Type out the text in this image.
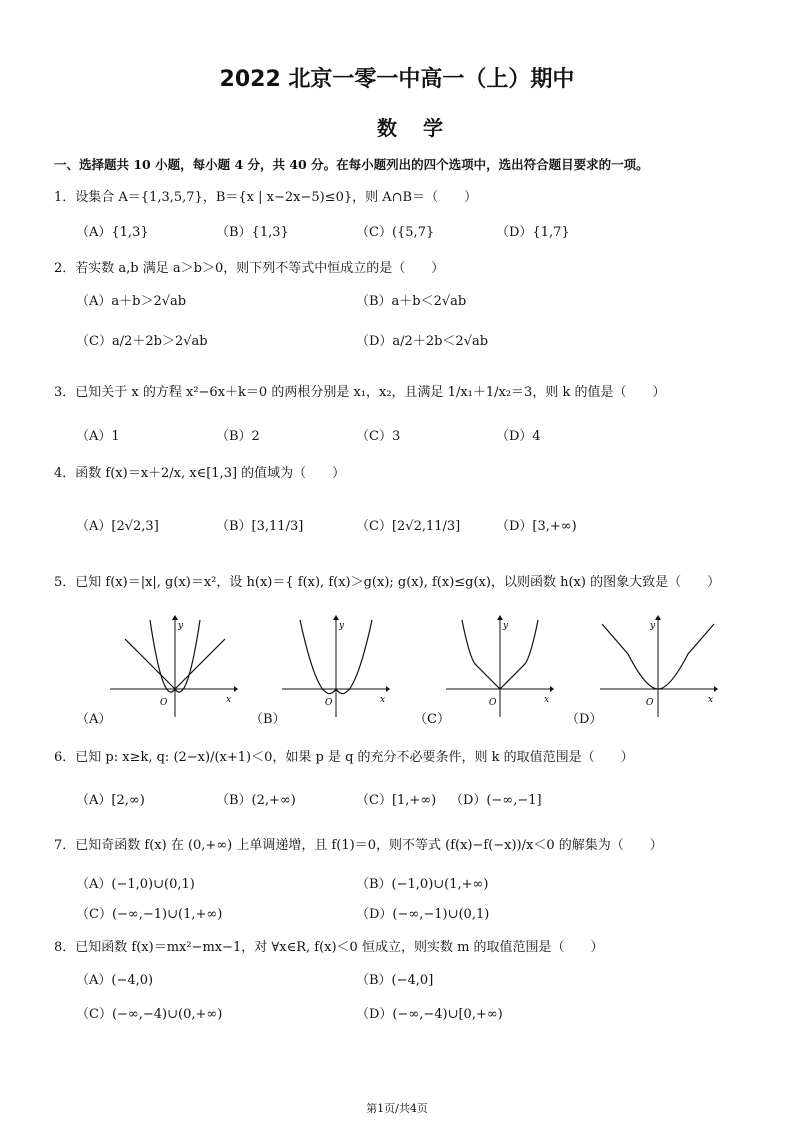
2022 北京一零一中高一（上）期中
数学
一、选择题共 10 小题，每小题 4 分，共 40 分。在每小题列出的四个选项中，选出符合题目要求的一项。
1．设集合 A＝{1,3,5,7}，B＝{x | x−2x−5)≤0}，则 A∩B＝（　　）
（A）{1,3}	（B）{1,3}	（C）({5,7}	（D）{1,7}
2．若实数 a,b 满足 a＞b＞0，则下列不等式中恒成立的是（　　）
（A）a＋b＞2√ab	（B）a＋b＜2√ab
（C）a/2＋2b＞2√ab	（D）a/2＋2b＜2√ab
3．已知关于 x 的方程 x²−6x＋k＝0 的两根分别是 x₁，x₂，且满足 1/x₁＋1/x₂＝3，则 k 的值是（　　）
（A）1	（B）2	（C）3	（D）4
4．函数 f(x)＝x＋2/x, x∈[1,3] 的值域为（　　）
（A）[2√2,3]	（B）[3,11/3]	（C）[2√2,11/3]	（D）[3,+∞)
5．已知 f(x)＝|x|, g(x)＝x²，设 h(x)＝{ f(x), f(x)＞g(x); g(x), f(x)≤g(x)，以则函数 h(x) 的图象大致是（　　）
y
x
O
（A）
y
x
O
（B）
y
x
O
（C）
y
x
O
（D）
6．已知 p: x≥k, q: (2−x)/(x+1)＜0，如果 p 是 q 的充分不必要条件，则 k 的取值范围是（　　）
（A）[2,∞)	（B）(2,+∞)	（C）[1,+∞) （D）(−∞,−1]
7．已知奇函数 f(x) 在 (0,+∞) 上单调递增，且 f(1)＝0，则不等式 (f(x)−f(−x))/x＜0 的解集为（　　）
（A）(−1,0)∪(0,1)	（B）(−1,0)∪(1,+∞)
（C）(−∞,−1)∪(1,+∞)	（D）(−∞,−1)∪(0,1)
8．已知函数 f(x)＝mx²−mx−1，对 ∀x∈R, f(x)＜0 恒成立，则实数 m 的取值范围是（　　）
（A）(−4,0)	（B）(−4,0]
（C）(−∞,−4)∪(0,+∞)	（D）(−∞,−4)∪[0,+∞)
第1页/共4页
